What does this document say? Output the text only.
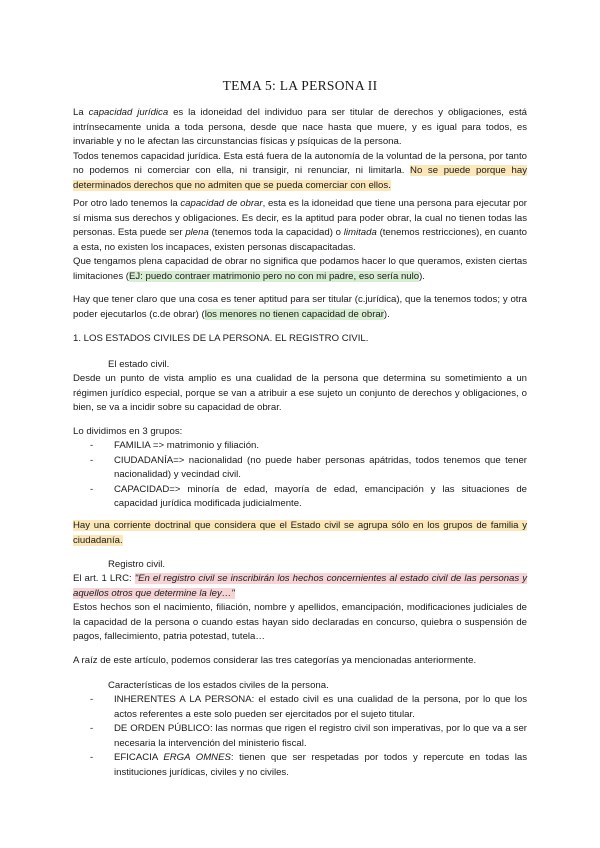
TEMA 5: LA PERSONA II

La capacidad jurídica es la idoneidad del individuo para ser titular de derechos y obligaciones, está intrínsecamente unida a toda persona, desde que nace hasta que muere, y es igual para todos, es invariable y no le afectan las circunstancias físicas y psíquicas de la persona.
Todos tenemos capacidad jurídica. Esta está fuera de la autonomía de la voluntad de la persona, por tanto no podemos ni comerciar con ella, ni transigir, ni renunciar, ni limitarla. No se puede porque hay determinados derechos que no admiten que se pueda comerciar con ellos.

Por otro lado tenemos la capacidad de obrar, esta es la idoneidad que tiene una persona para ejecutar por sí misma sus derechos y obligaciones. Es decir, es la aptitud para poder obrar, la cual no tienen todas las personas. Esta puede ser plena (tenemos toda la capacidad) o limitada (tenemos restricciones), en cuanto a esta, no existen los incapaces, existen personas discapacitadas.
Que tengamos plena capacidad de obrar no significa que podamos hacer lo que queramos, existen ciertas limitaciones (EJ: puedo contraer matrimonio pero no con mi padre, eso sería nulo).

Hay que tener claro que una cosa es tener aptitud para ser titular (c.jurídica), que la tenemos todos; y otra poder ejecutarlos (c.de obrar) (los menores no tienen capacidad de obrar).

1. LOS ESTADOS CIVILES DE LA PERSONA. EL REGISTRO CIVIL.

El estado civil.

Desde un punto de vista amplio es una cualidad de la persona que determina su sometimiento a un régimen jurídico especial, porque se van a atribuir a ese sujeto un conjunto de derechos y obligaciones, o bien, se va a incidir sobre su capacidad de obrar.

Lo dividimos en 3 grupos:

- FAMILIA => matrimonio y filiación.
- CIUDADANÍA=> nacionalidad (no puede haber personas apátridas, todos tenemos que tener nacionalidad) y vecindad civil.
- CAPACIDAD=> minoría de edad, mayoría de edad, emancipación y las situaciones de capacidad jurídica modificada judicialmente.

Hay una corriente doctrinal que considera que el Estado civil se agrupa sólo en los grupos de familia y ciudadanía.

Registro civil.

El art. 1 LRC: "En el registro civil se inscribirán los hechos concernientes al estado civil de las personas y aquellos otros que determine la ley…"

Estos hechos son el nacimiento, filiación, nombre y apellidos, emancipación, modificaciones judiciales de la capacidad de la persona o cuando estas hayan sido declaradas en concurso, quiebra o suspensión de pagos, fallecimiento, patria potestad, tutela…

A raíz de este artículo, podemos considerar las tres categorías ya mencionadas anteriormente.

Características de los estados civiles de la persona.
- INHERENTES A LA PERSONA: el estado civil es una cualidad de la persona, por lo que los actos referentes a este solo pueden ser ejercitados por el sujeto titular.
- DE ORDEN PÚBLICO: las normas que rigen el registro civil son imperativas, por lo que va a ser necesaria la intervención del ministerio fiscal.
- EFICACIA ERGA OMNES: tienen que ser respetadas por todos y repercute en todas las instituciones jurídicas, civiles y no civiles.
